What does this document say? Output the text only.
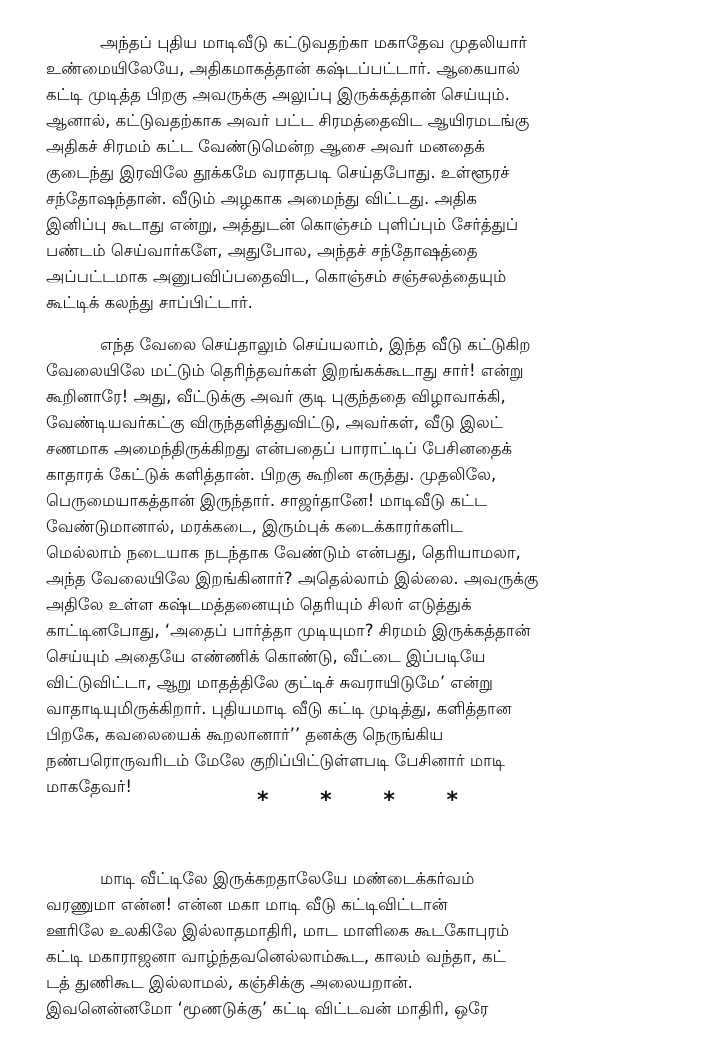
அந்தப் புதிய மாடிவீடு கட்டுவதற்கா மகாதேவ முதலியார்
உண்மையிலேயே, அதிகமாகத்தான் கஷ்டப்பட்டார். ஆகையால்
கட்டி முடித்த பிறகு அவருக்கு அலுப்பு இருக்கத்தான் செய்யும்.
ஆனால், கட்டுவதற்காக அவர் பட்ட சிரமத்தைவிட ஆயிரமடங்கு
அதிகச் சிரமம் கட்ட வேண்டுமென்ற ஆசை அவர் மனதைக்
குடைந்து இரவிலே தூக்கமே வராதபடி செய்தபோது. உள்ளூரச்
சந்தோஷந்தான். வீடும் அழகாக அமைந்து விட்டது. அதிக
இனிப்பு கூடாது என்று, அத்துடன் கொஞ்சம் புளிப்பும் சேர்த்துப்
பண்டம் செய்வார்களே, அதுபோல, அந்தச் சந்தோஷத்தை
அப்பட்டமாக அனுபவிப்பதைவிட, கொஞ்சம் சஞ்சலத்தையும்
கூட்டிக் கலந்து சாப்பிட்டார்.
எந்த வேலை செய்தாலும் செய்யலாம், இந்த வீடு கட்டுகிற
வேலையிலே மட்டும் தெரிந்தவர்கள் இறங்கக்கூடாது சார்! என்று
கூறினாரே! அது, வீட்டுக்கு அவர் குடி புகுந்ததை விழாவாக்கி,
வேண்டியவர்கட்கு விருந்தளித்துவிட்டு, அவர்கள், வீடு இலட்
சணமாக அமைந்திருக்கிறது என்பதைப் பாராட்டிப் பேசினதைக்
காதாரக் கேட்டுக் களித்தான். பிறகு கூறின கருத்து. முதலிலே,
பெருமையாகத்தான் இருந்தார். சாஜர்தானே! மாடிவீடு கட்ட
வேண்டுமானால், மரக்கடை, இரும்புக் கடைக்காரர்களிட
மெல்லாம் நடையாக நடந்தாக வேண்டும் என்பது, தெரியாமலா,
அந்த வேலையிலே இறங்கினார்? அதெல்லாம் இல்லை. அவருக்கு
அதிலே உள்ள கஷ்டமத்தனையும் தெரியும் சிலர் எடுத்துக்
காட்டினபோது, ‘அதைப் பார்த்தா முடியுமா? சிரமம் இருக்கத்தான்
செய்யும் அதையே எண்ணிக் கொண்டு, வீட்டை இப்படியே
விட்டுவிட்டா, ஆறு மாதத்திலே குட்டிச் சுவராயிடுமே’ என்று
வாதாடியுமிருக்கிறார். புதியமாடி வீடு கட்டி முடித்து, களித்தான
பிறகே, கவலையைக் கூறலானார்’’ தனக்கு நெருங்கிய
நண்பரொருவரிடம் மேலே குறிப்பிட்டுள்ளபடி பேசினார் மாடி
மாகதேவர்!
* * * *
மாடி வீட்டிலே இருக்கறதாலேயே மண்டைக்கர்வம்
வரணுமா என்ன! என்ன மகா மாடி வீடு கட்டிவிட்டான்
ஊரிலே உலகிலே இல்லாதமாதிரி, மாட மாளிகை கூடகோபுரம்
கட்டி மகாராஜனா வாழ்ந்தவனெல்லாம்கூட, காலம் வந்தா, கட்
டத் துணிகூட இல்லாமல், கஞ்சிக்கு அலையறான்.
இவனென்னமோ ‘மூணடுக்கு’ கட்டி விட்டவன் மாதிரி, ஒரே
